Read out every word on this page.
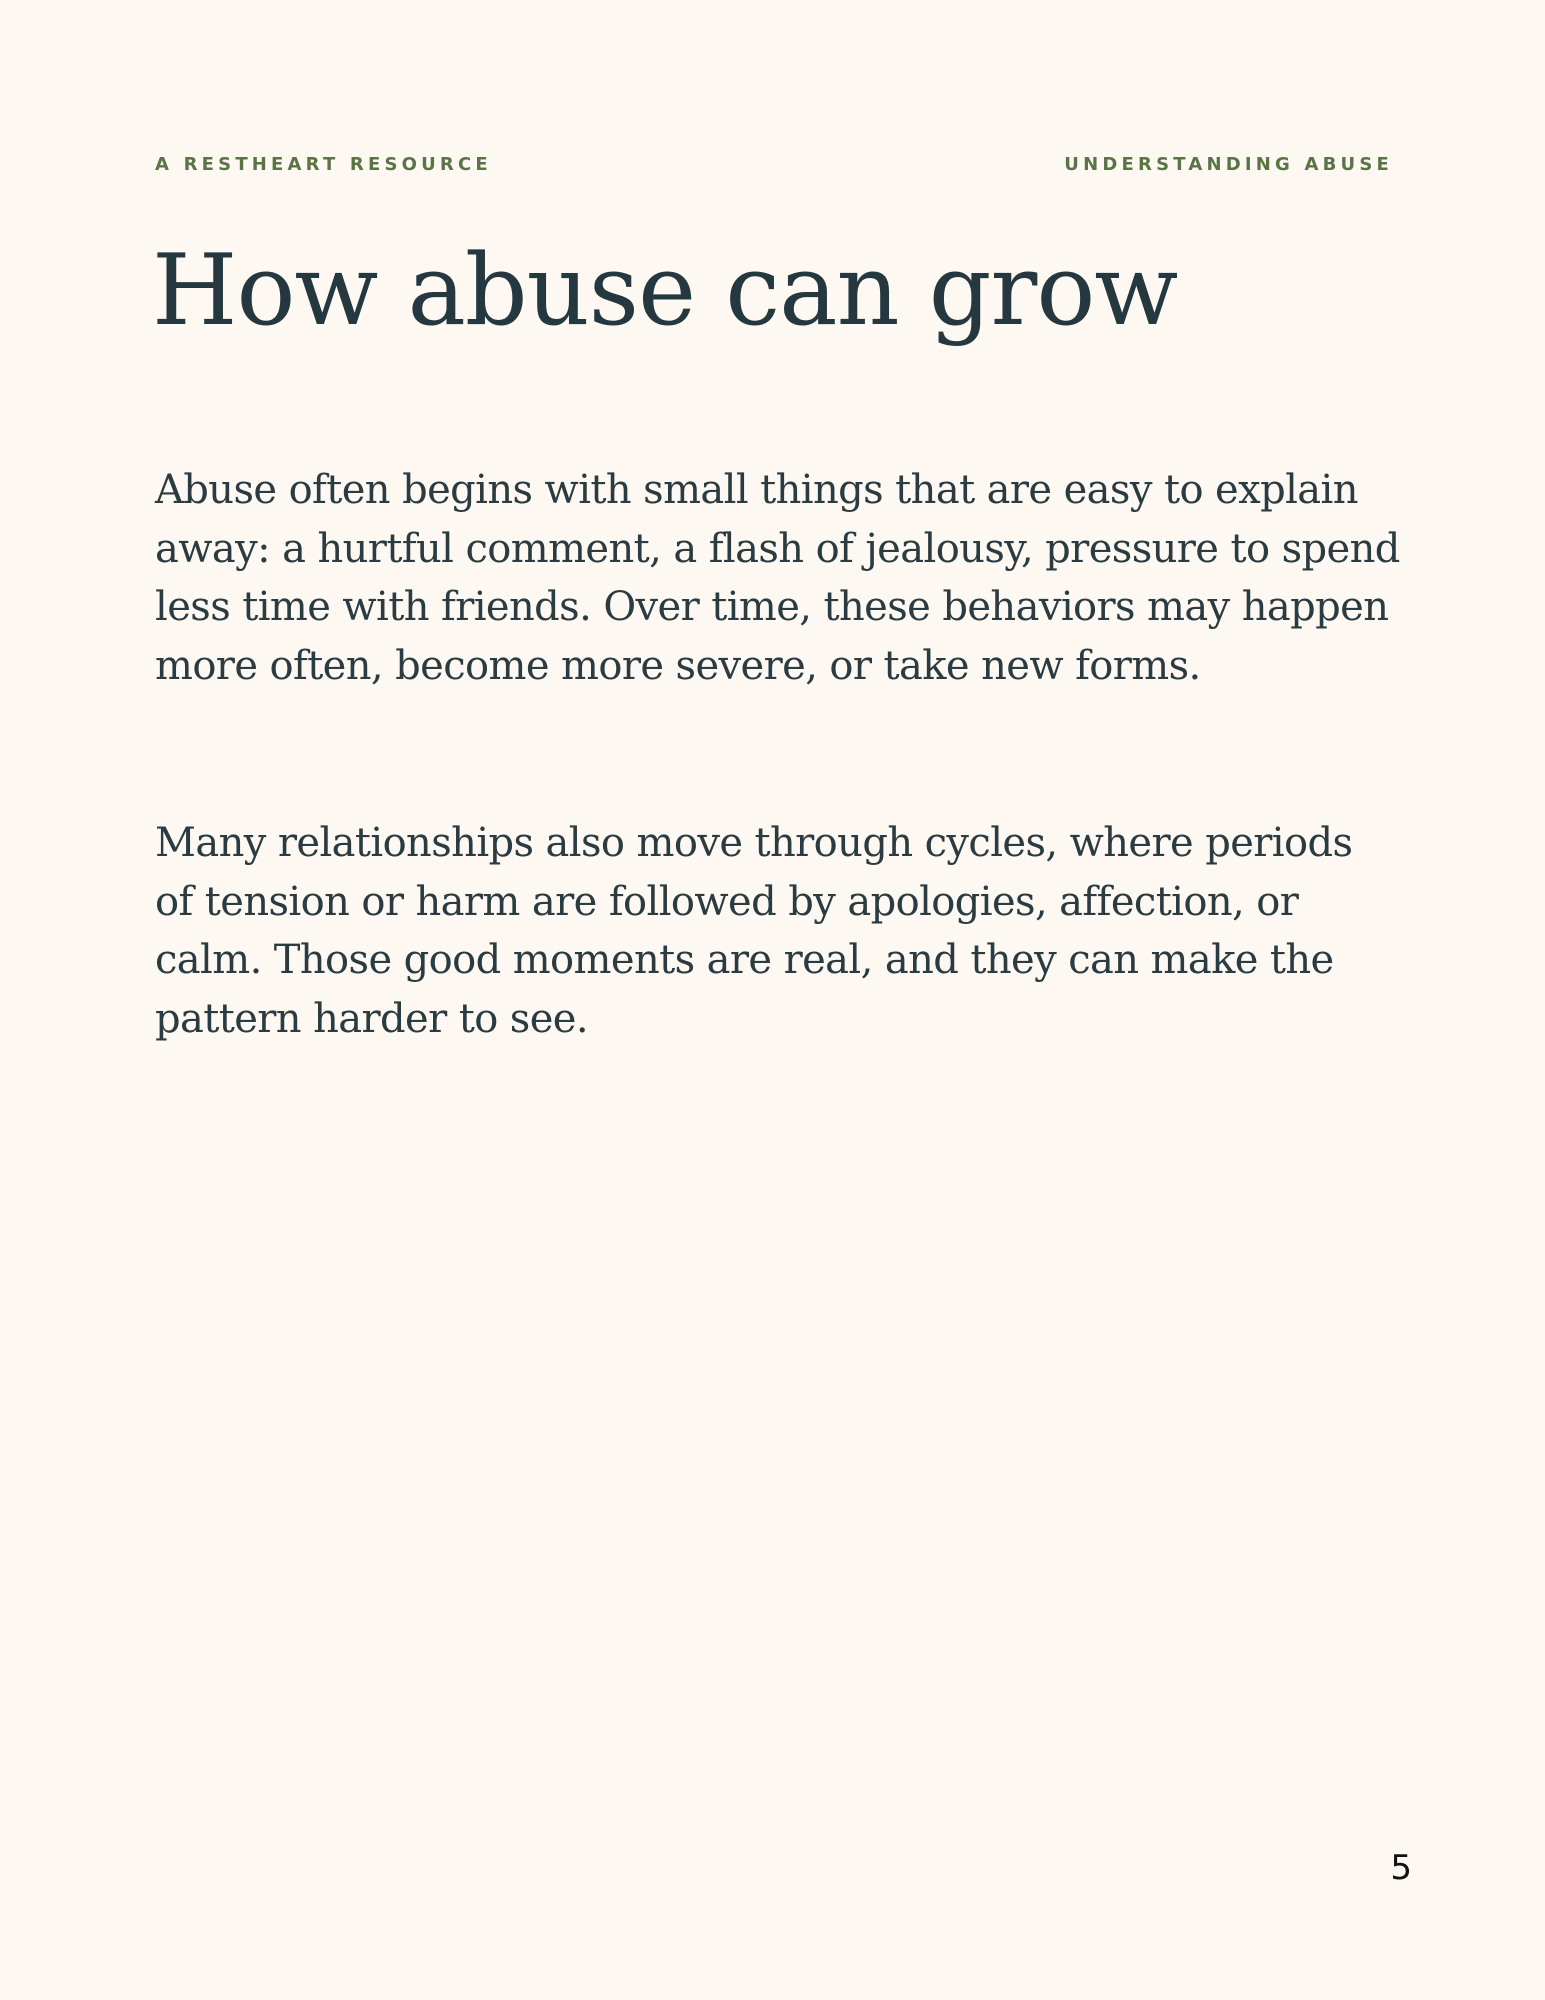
A RESTHEART RESOURCE	UNDERSTANDING ABUSE
How abuse can grow

Abuse often begins with small things that are easy to explain away: a hurtful comment, a flash of jealousy, pressure to spend less time with friends. Over time, these behaviors may happen more often, become more severe, or take new forms.

Many relationships also move through cycles, where periods of tension or harm are followed by apologies, affection, or calm. Those good moments are real, and they can make the pattern harder to see.

5
